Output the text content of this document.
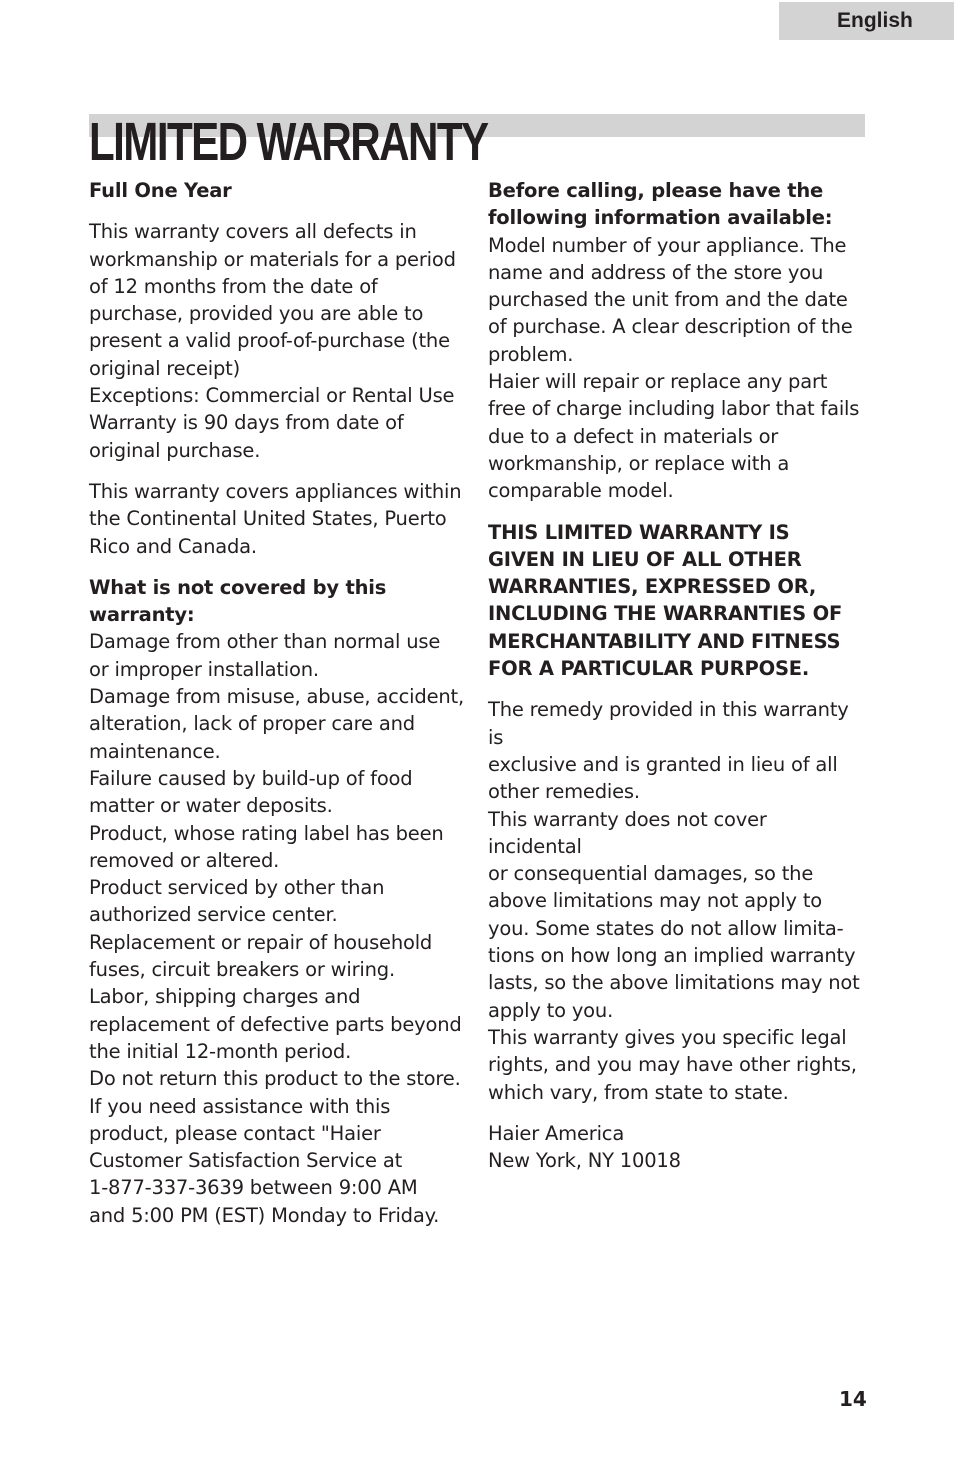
English
LIMITED WARRANTY

Full One Year

This warranty covers all defects in
workmanship or materials for a period
of 12 months from the date of
purchase, provided you are able to
present a valid proof-of-purchase (the
original receipt)
Exceptions: Commercial or Rental Use
Warranty is 90 days from date of
original purchase.

This warranty covers appliances within
the Continental United States, Puerto
Rico and Canada.

What is not covered by this
warranty:

Damage from other than normal use
or improper installation.
Damage from misuse, abuse, accident,
alteration, lack of proper care and
maintenance.
Failure caused by build-up of food
matter or water deposits.
Product, whose rating label has been
removed or altered.
Product serviced by other than
authorized service center.
Replacement or repair of household
fuses, circuit breakers or wiring.
Labor, shipping charges and
replacement of defective parts beyond
the initial 12-month period.
Do not return this product to the store.
If you need assistance with this
product, please contact "Haier
Customer Satisfaction Service at
1-877-337-3639 between 9:00 AM
and 5:00 PM (EST) Monday to Friday.

Before calling, please have the
following information available:

Model number of your appliance. The
name and address of the store you
purchased the unit from and the date
of purchase. A clear description of the
problem.
Haier will repair or replace any part
free of charge including labor that fails
due to a defect in materials or
workmanship, or replace with a
comparable model.

THIS LIMITED WARRANTY IS
GIVEN IN LIEU OF ALL OTHER
WARRANTIES, EXPRESSED OR,
INCLUDING THE WARRANTIES OF
MERCHANTABILITY AND FITNESS
FOR A PARTICULAR PURPOSE.

The remedy provided in this warranty is
exclusive and is granted in lieu of all
other remedies.
This warranty does not cover incidental
or consequential damages, so the
above limitations may not apply to
you. Some states do not allow limita-
tions on how long an implied warranty
lasts, so the above limitations may not
apply to you.
This warranty gives you specific legal
rights, and you may have other rights,
which vary, from state to state.

Haier America
New York, NY 10018

14
